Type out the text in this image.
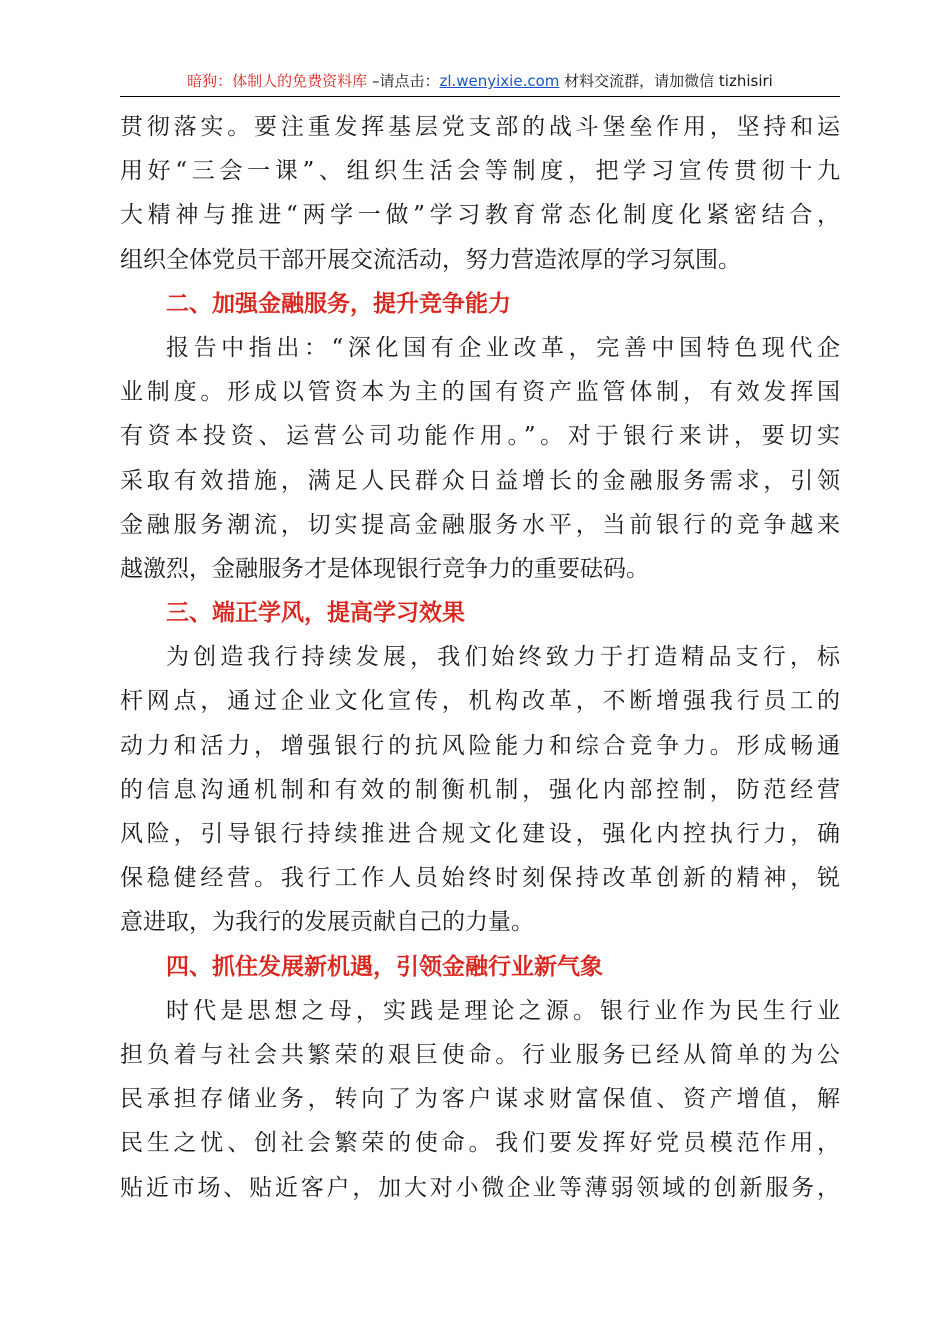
暗狗：体制人的免费资料库 –请点击：zl.wenyixie.com 材料交流群，请加微信 tizhisiri
贯彻落实。要注重发挥基层党支部的战斗堡垒作用，坚持和运
用好“三会一课”、组织生活会等制度，把学习宣传贯彻十九
大精神与推进“两学一做”学习教育常态化制度化紧密结合，
组织全体党员干部开展交流活动，努力营造浓厚的学习氛围。
二、加强金融服务，提升竞争能力
报告中指出：“深化国有企业改革，完善中国特色现代企
业制度。形成以管资本为主的国有资产监管体制，有效发挥国
有资本投资、运营公司功能作用。”。对于银行来讲，要切实
采取有效措施，满足人民群众日益增长的金融服务需求，引领
金融服务潮流，切实提高金融服务水平，当前银行的竞争越来
越激烈，金融服务才是体现银行竞争力的重要砝码。
三、端正学风，提高学习效果
为创造我行持续发展，我们始终致力于打造精品支行，标
杆网点，通过企业文化宣传，机构改革，不断增强我行员工的
动力和活力，增强银行的抗风险能力和综合竞争力。形成畅通
的信息沟通机制和有效的制衡机制，强化内部控制，防范经营
风险，引导银行持续推进合规文化建设，强化内控执行力，确
保稳健经营。我行工作人员始终时刻保持改革创新的精神，锐
意进取，为我行的发展贡献自己的力量。
四、抓住发展新机遇，引领金融行业新气象
时代是思想之母，实践是理论之源。银行业作为民生行业
担负着与社会共繁荣的艰巨使命。行业服务已经从简单的为公
民承担存储业务，转向了为客户谋求财富保值、资产增值，解
民生之忧、创社会繁荣的使命。我们要发挥好党员模范作用，
贴近市场、贴近客户，加大对小微企业等薄弱领域的创新服务，
